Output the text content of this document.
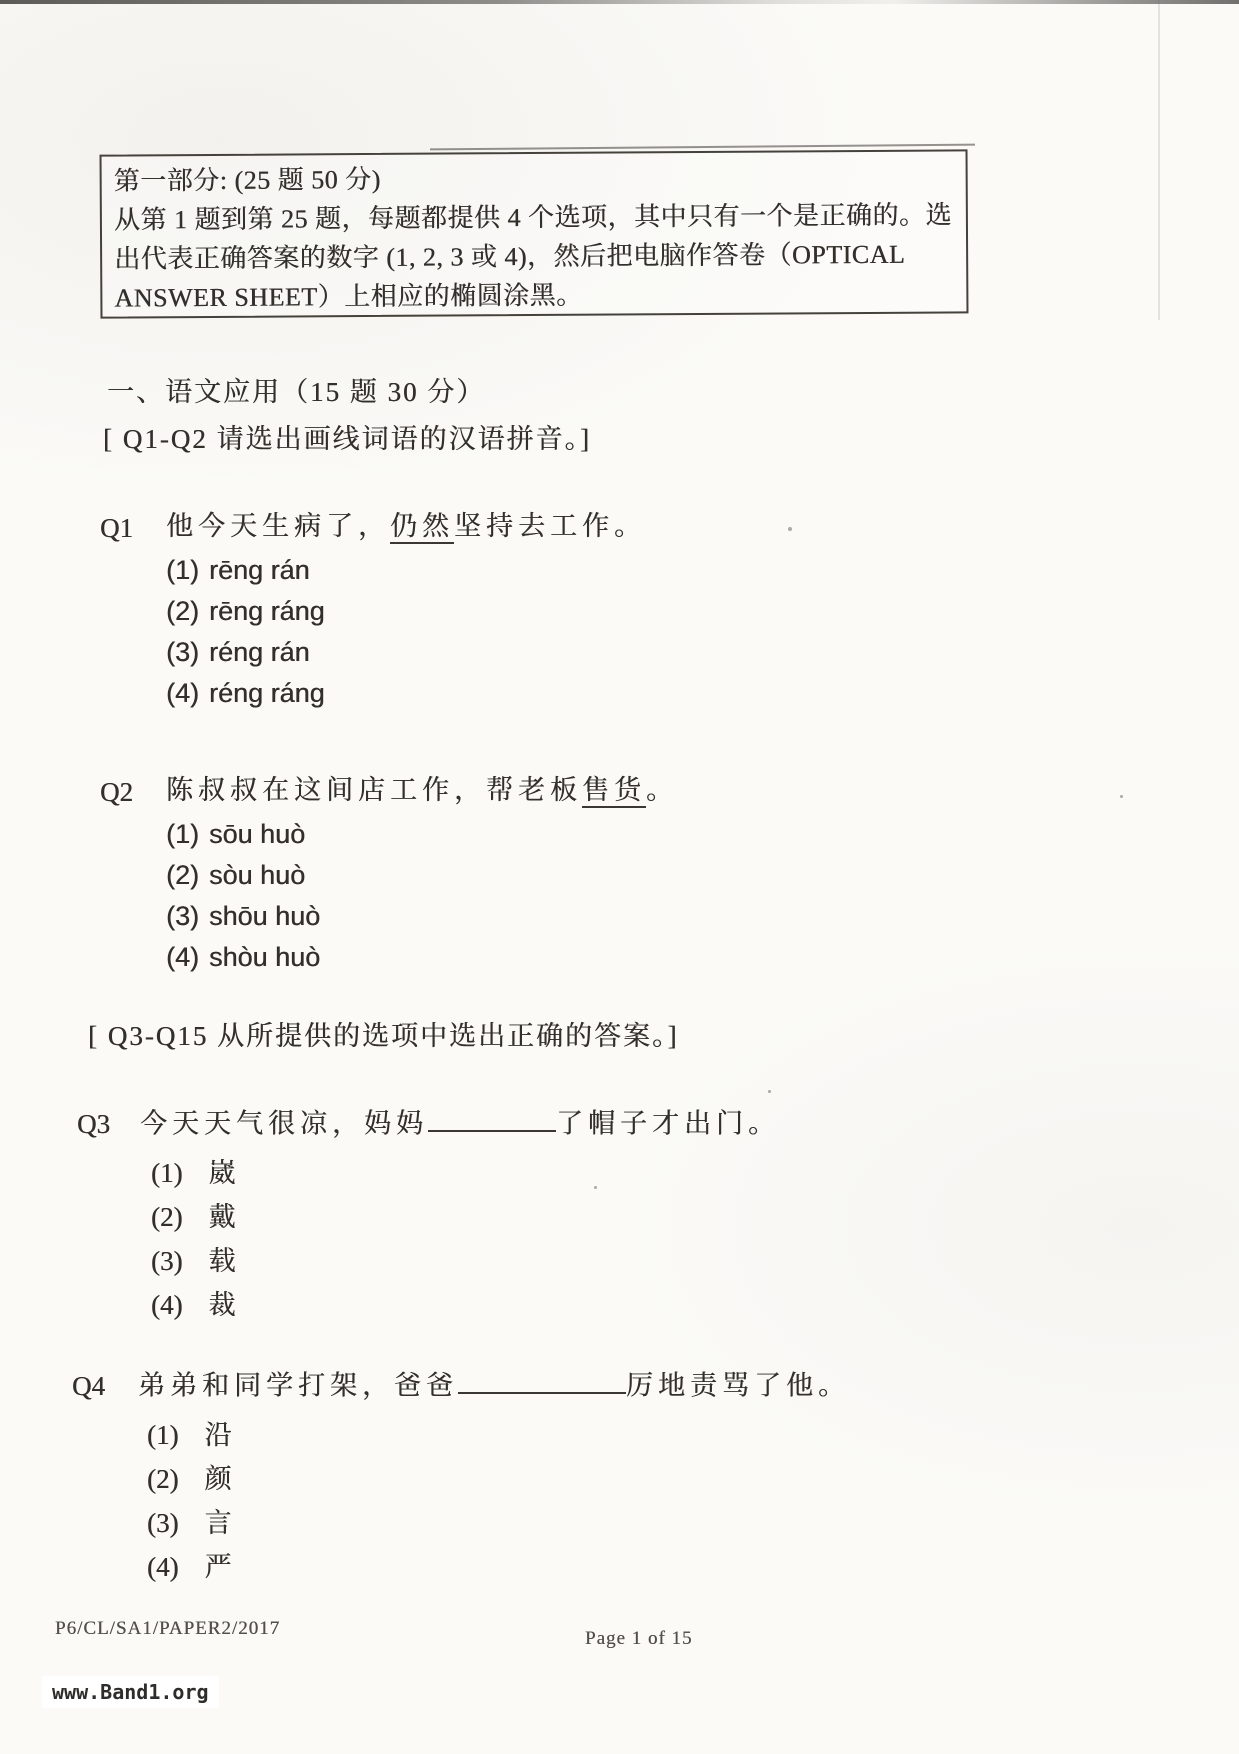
第一部分: (25 题 50 分)
从第 1 题到第 25 题，每题都提供 4 个选项，其中只有一个是正确的。选
出代表正确答案的数字 (1, 2, 3 或 4)，然后把电脑作答卷（OPTICAL
ANSWER SHEET）上相应的椭圆涂黑。
一、语文应用（15 题 30 分）
[ Q1-Q2 请选出画线词语的汉语拼音。]
Q1 他今天生病了，仍然坚持去工作。
(1) rēng rán
(2) rēng ráng
(3) réng rán
(4) réng ráng
Q2 陈叔叔在这间店工作，帮老板售货。
(1) sōu huò
(2) sòu huò
(3) shōu huò
(4) shòu huò
[ Q3-Q15 从所提供的选项中选出正确的答案。]
Q3 今天天气很凉，妈妈	了帽子才出门。
(1) 崴
(2) 戴
(3) 载
(4) 裁
Q4 弟弟和同学打架，爸爸	厉地责骂了他。
(1) 沿
(2) 颜
(3) 言
(4) 严
P6/CL/SA1/PAPER2/2017	Page 1 of 15
www.Band1.org
